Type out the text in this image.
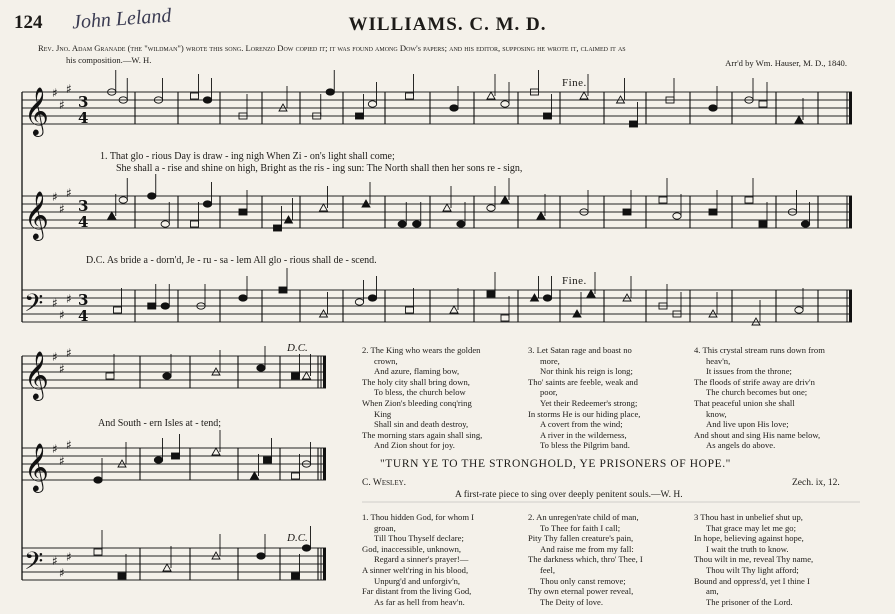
𝄞 ♯
♯
♯
3
4
𝄞 ♯
♯
♯
3
4
𝄢 ♯
♯
♯ 3
4
𝄞 ♯
♯
♯
𝄞 ♯
♯
♯
𝄢 ♯
♯
♯
124 John Leland	WILLIAMS. C. M. D.
Rev. Jno. Adam Granade (the "wildman") wrote this song. Lorenzo Dow copied it; it was found among Dow's papers; and his editor, supposing he wrote it, claimed it as
his composition.—W. H.	Arr'd by Wm. Hauser, M. D., 1840.
Fine.
Fine.
D.C.
D.C.
1. That glo - rious Day is draw - ing nigh When Zi - on's light shall come;
She shall a - rise and shine on high, Bright as the ris - ing sun: The North shall then her sons re - sign,
D.C. As bride a - dorn'd, Je - ru - sa - lem All glo - rious shall de - scend.
And South - ern Isles at - tend;
2. The King who wears the golden
crown,
And azure, flaming bow,
The holy city shall bring down,
To bless, the church below
When Zion's bleeding conq'ring
King
Shall sin and death destroy,
The morning stars again shall sing,
And Zion shout for joy.
3. Let Satan rage and boast no
more,
Nor think his reign is long;
Tho' saints are feeble, weak and
poor,
Yet their Redeemer's strong;
In storms He is our hiding place,
A covert from the wind;
A river in the wilderness,
To bless the Pilgrim band.
4. This crystal stream runs down from
heav'n,
It issues from the throne;
The floods of strife away are driv'n
The church becomes but one;
That peaceful union she shall
know,
And live upon His love;
And shout and sing His name below,
As angels do above.
"TURN YE TO THE STRONGHOLD, YE PRISONERS OF HOPE."
C. Wesley.	Zech. ix, 12.
A first-rate piece to sing over deeply penitent souls.—W. H.
1. Thou hidden God, for whom I
groan,
Till Thou Thyself declare;
God, inaccessible, unknown,
Regard a sinner's prayer!—
A sinner welt'ring in his blood,
Unpurg'd and unforgiv'n,
Far distant from the living God,
As far as hell from heav'n.
2. An unregen'rate child of man,
To Thee for faith I call;
Pity Thy fallen creature's pain,
And raise me from my fall:
The darkness which, thro' Thee, I
feel,
Thou only canst remove;
Thy own eternal power reveal,
The Deity of love.
3 Thou hast in unbelief shut up,
That grace may let me go;
In hope, believing against hope,
I wait the truth to know.
Thou wilt in me, reveal Thy name,
Thou wilt Thy light afford;
Bound and oppress'd, yet I thine I
am,
The prisoner of the Lord.
